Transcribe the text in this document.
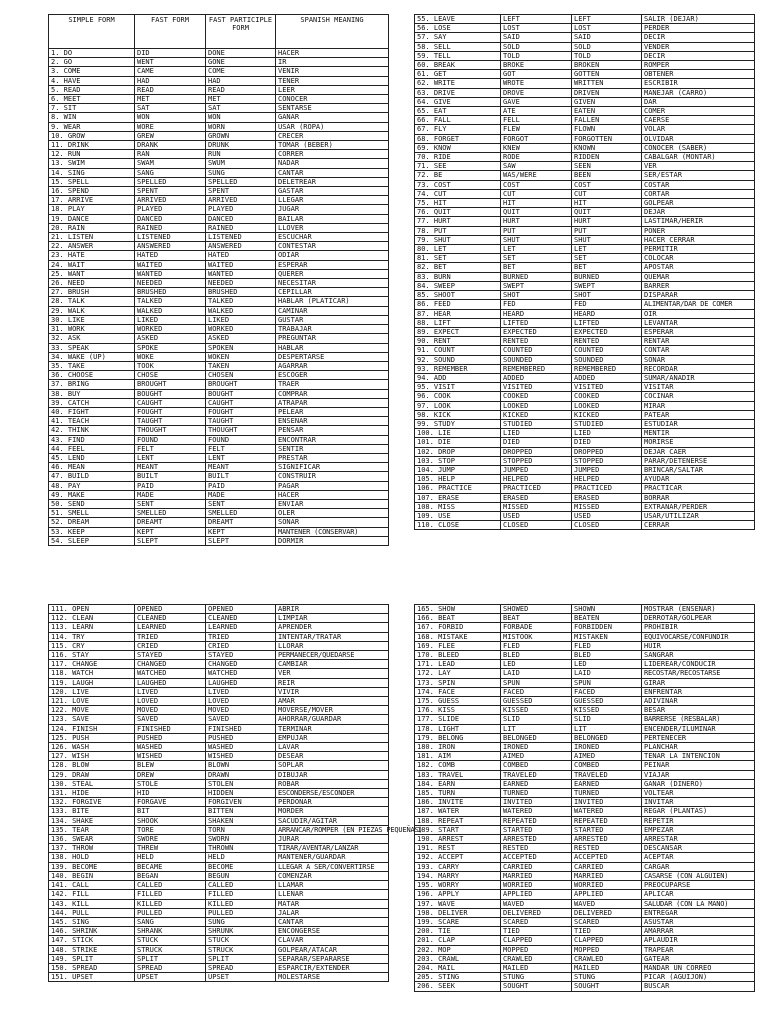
SIMPLE FORM	FAST FORM	FAST PARTICIPLE FORM	SPANISH MEANING
1. DO	DID	DONE	HACER
2. GO	WENT	GONE	IR
3. COME	CAME	COME	VENIR
4. HAVE	HAD	HAD	TENER
5. READ	READ	READ	LEER
6. MEET	MET	MET	CONOCER
7. SIT	SAT	SAT	SENTARSE
8. WIN	WON	WON	GANAR
9. WEAR	WORE	WORN	USAR (ROPA)
10. GROW	GREW	GROWN	CRECER
11. DRINK	DRANK	DRUNK	TOMAR (BEBER)
12. RUN	RAN	RUN	CORRER
13. SWIM	SWAM	SWUM	NADAR
14. SING	SANG	SUNG	CANTAR
15. SPELL	SPELLED	SPELLED	DELETREAR
16. SPEND	SPENT	SPENT	GASTAR
17. ARRIVE	ARRIVED	ARRIVED	LLEGAR
18. PLAY	PLAYED	PLAYED	JUGAR
19. DANCE	DANCED	DANCED	BAILAR
20. RAIN	RAINED	RAINED	LLOVER
21. LISTEN	LISTENED	LISTENED	ESCUCHAR
22. ANSWER	ANSWERED	ANSWERED	CONTESTAR
23. HATE	HATED	HATED	ODIAR
24. WAIT	WAITED	WAITED	ESPERAR
25. WANT	WANTED	WANTED	QUERER
26. NEED	NEEDED	NEEDED	NECESITAR
27. BRUSH	BRUSHED	BRUSHED	CEPILLAR
28. TALK	TALKED	TALKED	HABLAR (PLATICAR)
29. WALK	WALKED	WALKED	CAMINAR
30. LIKE	LIKED	LIKED	GUSTAR
31. WORK	WORKED	WORKED	TRABAJAR
32. ASK	ASKED	ASKED	PREGUNTAR
33. SPEAK	SPOKE	SPOKEN	HABLAR
34. WAKE (UP)	WOKE	WOKEN	DESPERTARSE
35. TAKE	TOOK	TAKEN	AGARRAR
36. CHOOSE	CHOSE	CHOSEN	ESCOGER
37. BRING	BROUGHT	BROUGHT	TRAER
38. BUY	BOUGHT	BOUGHT	COMPRAR
39. CATCH	CAUGHT	CAUGHT	ATRAPAR
40. FIGHT	FOUGHT	FOUGHT	PELEAR
41. TEACH	TAUGHT	TAUGHT	ENSEÑAR
42. THINK	THOUGHT	THOUGHT	PENSAR
43. FIND	FOUND	FOUND	ENCONTRAR
44. FEEL	FELT	FELT	SENTIR
45. LEND	LENT	LENT	PRESTAR
46. MEAN	MEANT	MEANT	SIGNIFICAR
47. BUILD	BUILT	BUILT	CONSTRUIR
48. PAY	PAID	PAID	PAGAR
49. MAKE	MADE	MADE	HACER
50. SEND	SENT	SENT	ENVIAR
51. SMELL	SMELLED	SMELLED	OLER
52. DREAM	DREAMT	DREAMT	SOÑAR
53. KEEP	KEPT	KEPT	MANTENER (CONSERVAR)
54. SLEEP	SLEPT	SLEPT	DORMIR
55. LEAVE	LEFT	LEFT	SALIR (DEJAR)
56. LOSE	LOST	LOST	PERDER
57. SAY	SAID	SAID	DECIR
58. SELL	SOLD	SOLD	VENDER
59. TELL	TOLD	TOLD	DECIR
60. BREAK	BROKE	BROKEN	ROMPER
61. GET	GOT	GOTTEN	OBTENER
62. WRITE	WROTE	WRITTEN	ESCRIBIR
63. DRIVE	DROVE	DRIVEN	MANEJAR (CARRO)
64. GIVE	GAVE	GIVEN	DAR
65. EAT	ATE	EATEN	COMER
66. FALL	FELL	FALLEN	CAERSE
67. FLY	FLEW	FLOWN	VOLAR
68. FORGET	FORGOT	FORGOTTEN	OLVIDAR
69. KNOW	KNEW	KNOWN	CONOCER (SABER)
70. RIDE	RODE	RIDDEN	CABALGAR (MONTAR)
71. SEE	SAW	SEEN	VER
72. BE	WAS/WERE	BEEN	SER/ESTAR
73. COST	COST	COST	COSTAR
74. CUT	CUT	CUT	CORTAR
75. HIT	HIT	HIT	GOLPEAR
76. QUIT	QUIT	QUIT	DEJAR
77. HURT	HURT	HURT	LASTIMAR/HERIR
78. PUT	PUT	PUT	PONER
79. SHUT	SHUT	SHUT	HACER CERRAR
80. LET	LET	LET	PERMITIR
81. SET	SET	SET	COLOCAR
82. BET	BET	BET	APOSTAR
83. BURN	BURNED	BURNED	QUEMAR
84. SWEEP	SWEPT	SWEPT	BARRER
85. SHOOT	SHOT	SHOT	DISPARAR
86. FEED	FED	FED	ALIMENTAR/DAR DE COMER
87. HEAR	HEARD	HEARD	OIR
88. LIFT	LIFTED	LIFTED	LEVANTAR
89. EXPECT	EXPECTED	EXPECTED	ESPERAR
90. RENT	RENTED	RENTED	RENTAR
91. COUNT	COUNTED	COUNTED	CONTAR
92. SOUND	SOUNDED	SOUNDED	SONAR
93. REMEMBER	REMEMBERED	REMEMBERED	RECORDAR
94. ADD	ADDED	ADDED	SUMAR/AÑADIR
95. VISIT	VISITED	VISITED	VISITAR
96. COOK	COOKED	COOKED	COCINAR
97. LOOK	LOOKED	LOOKED	MIRAR
98. KICK	KICKED	KICKED	PATEAR
99. STUDY	STUDIED	STUDIED	ESTUDIAR
100. LIE	LIED	LIED	MENTIR
101. DIE	DIED	DIED	MORIRSE
102. DROP	DROPPED	DROPPED	DEJAR CAER
103. STOP	STOPPED	STOPPED	PARAR/DETENERSE
104. JUMP	JUMPED	JUMPED	BRINCAR/SALTAR
105. HELP	HELPED	HELPED	AYUDAR
106. PRACTICE	PRACTICED	PRACTICED	PRACTICAR
107. ERASE	ERASED	ERASED	BORRAR
108. MISS	MISSED	MISSED	EXTRAÑAR/PERDER
109. USE	USED	USED	USAR/UTILIZAR
110. CLOSE	CLOSED	CLOSED	CERRAR
111. OPEN	OPENED	OPENED	ABRIR
112. CLEAN	CLEANED	CLEANED	LIMPIAR
113. LEARN	LEARNED	LEARNED	APRENDER
114. TRY	TRIED	TRIED	INTENTAR/TRATAR
115. CRY	CRIED	CRIED	LLORAR
116. STAY	STAYED	STAYED	PERMANECER/QUEDARSE
117. CHANGE	CHANGED	CHANGED	CAMBIAR
118. WATCH	WATCHED	WATCHED	VER
119. LAUGH	LAUGHED	LAUGHED	REIR
120. LIVE	LIVED	LIVED	VIVIR
121. LOVE	LOVED	LOVED	AMAR
122. MOVE	MOVED	MOVED	MOVERSE/MOVER
123. SAVE	SAVED	SAVED	AHORRAR/GUARDAR
124. FINISH	FINISHED	FINISHED	TERMINAR
125. PUSH	PUSHED	PUSHED	EMPUJAR
126. WASH	WASHED	WASHED	LAVAR
127. WISH	WISHED	WISHED	DESEAR
128. BLOW	BLEW	BLOWN	SOPLAR
129. DRAW	DREW	DRAWN	DIBUJAR
130. STEAL	STOLE	STOLEN	ROBAR
131. HIDE	HID	HIDDEN	ESCONDERSE/ESCONDER
132. FORGIVE	FORGAVE	FORGIVEN	PERDONAR
133. BITE	BIT	BITTEN	MORDER
134. SHAKE	SHOOK	SHAKEN	SACUDIR/AGITAR
135. TEAR	TORE	TORN	ARRANCAR/ROMPER (EN PIEZAS PEQUEÑAS)
136. SWEAR	SWORE	SWORN	JURAR
137. THROW	THREW	THROWN	TIRAR/AVENTAR/LANZAR
138. HOLD	HELD	HELD	MANTENER/GUARDAR
139. BECOME	BECAME	BECOME	LLEGAR A SER/CONVERTIRSE
140. BEGIN	BEGAN	BEGUN	COMENZAR
141. CALL	CALLED	CALLED	LLAMAR
142. FILL	FILLED	FILLED	LLENAR
143. KILL	KILLED	KILLED	MATAR
144. PULL	PULLED	PULLED	JALAR
145. SING	SANG	SUNG	CANTAR
146. SHRINK	SHRANK	SHRUNK	ENCONGERSE
147. STICK	STUCK	STUCK	CLAVAR
148. STRIKE	STRUCK	STRUCK	GOLPEAR/ATACAR
149. SPLIT	SPLIT	SPLIT	SEPARAR/SEPARARSE
150. SPREAD	SPREAD	SPREAD	ESPARCIR/EXTENDER
151. UPSET	UPSET	UPSET	MOLESTARSE
165. SHOW	SHOWED	SHOWN	MOSTRAR (ENSEÑAR)
166. BEAT	BEAT	BEATEN	DERROTAR/GOLPEAR
167. FORBID	FORBADE	FORBIDDEN	PROHIBIR
168. MISTAKE	MISTOOK	MISTAKEN	EQUIVOCARSE/CONFUNDIR
169. FLEE	FLED	FLED	HUIR
170. BLEED	BLED	BLED	SANGRAR
171. LEAD	LED	LED	LIDEREAR/CONDUCIR
172. LAY	LAID	LAID	RECOSTAR/RECOSTARSE
173. SPIN	SPUN	SPUN	GIRAR
174. FACE	FACED	FACED	ENFRENTAR
175. GUESS	GUESSED	GUESSED	ADIVINAR
176. KISS	KISSED	KISSED	BESAR
177. SLIDE	SLID	SLID	BARRERSE (RESBALAR)
178. LIGHT	LIT	LIT	ENCENDER/ILUMINAR
179. BELONG	BELONGED	BELONGED	PERTENECER
180. IRON	IRONED	IRONED	PLANCHAR
181. AIM	AIMED	AIMED	TENAR LA INTENCION
182. COMB	COMBED	COMBED	PEINAR
183. TRAVEL	TRAVELED	TRAVELED	VIAJAR
184. EARN	EARNED	EARNED	GANAR (DINERO)
185. TURN	TURNED	TURNED	VOLTEAR
186. INVITE	INVITED	INVITED	INVITAR
187. WATER	WATERED	WATERED	REGAR (PLANTAS)
188. REPEAT	REPEATED	REPEATED	REPETIR
189. START	STARTED	STARTED	EMPEZAR
190. ARREST	ARRESTED	ARRESTED	ARRESTAR
191. REST	RESTED	RESTED	DESCANSAR
192. ACCEPT	ACCEPTED	ACCEPTED	ACEPTAR
193. CARRY	CARRIED	CARRIED	CARGAR
194. MARRY	MARRIED	MARRIED	CASARSE (CON ALGUIEN)
195. WORRY	WORRIED	WORRIED	PREOCUPARSE
196. APPLY	APPLIED	APPLIED	APLICAR
197. WAVE	WAVED	WAVED	SALUDAR (CON LA MANO)
198. DELIVER	DELIVERED	DELIVERED	ENTREGAR
199. SCARE	SCARED	SCARED	ASUSTAR
200. TIE	TIED	TIED	AMARRAR
201. CLAP	CLAPPED	CLAPPED	APLAUDIR
202. MOP	MOPPED	MOPPED	TRAPEAR
203. CRAWL	CRAWLED	CRAWLED	GATEAR
204. MAIL	MAILED	MAILED	MANDAR UN CORREO
205. STING	STUNG	STUNG	PICAR (AGUIJON)
206. SEEK	SOUGHT	SOUGHT	BUSCAR
